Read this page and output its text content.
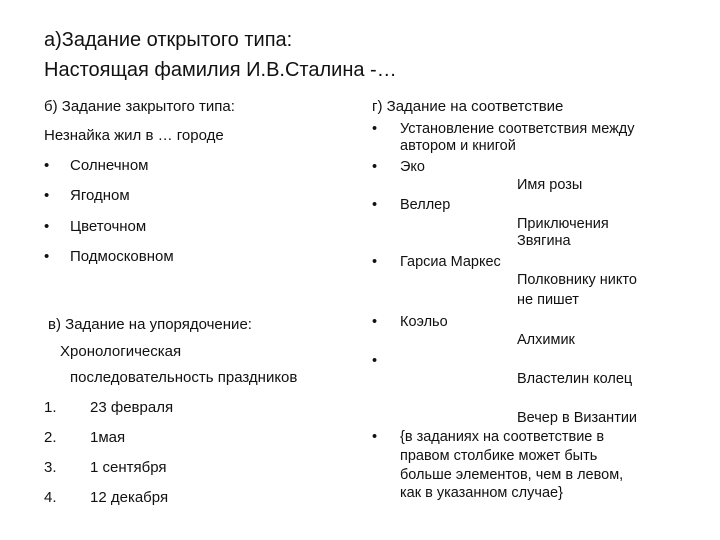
а)Задание открытого типа:
Настоящая фамилия И.В.Сталина -…
б) Задание закрытого типа:
Незнайка жил в … городе
• Солнечном
• Ягодном
• Цветочном
• Подмосковном
в) Задание на упорядочение:
Хронологическая
последовательность праздников
1. 23 февраля
2. 1мая
3. 1 сентября
4. 12 декабря
г) Задание на соответствие
• Установление соответствия между
автором и книгой
• Эко
Имя розы
• Веллер
Приключения
Звягина
• Гарсиа Маркес
Полковнику никто
не пишет
• Коэльо
Алхимик
•
Властелин колец
Вечер в Византии
• {в заданиях на соответствие в
правом столбике может быть
больше элементов, чем в левом,
как в указанном случае}
